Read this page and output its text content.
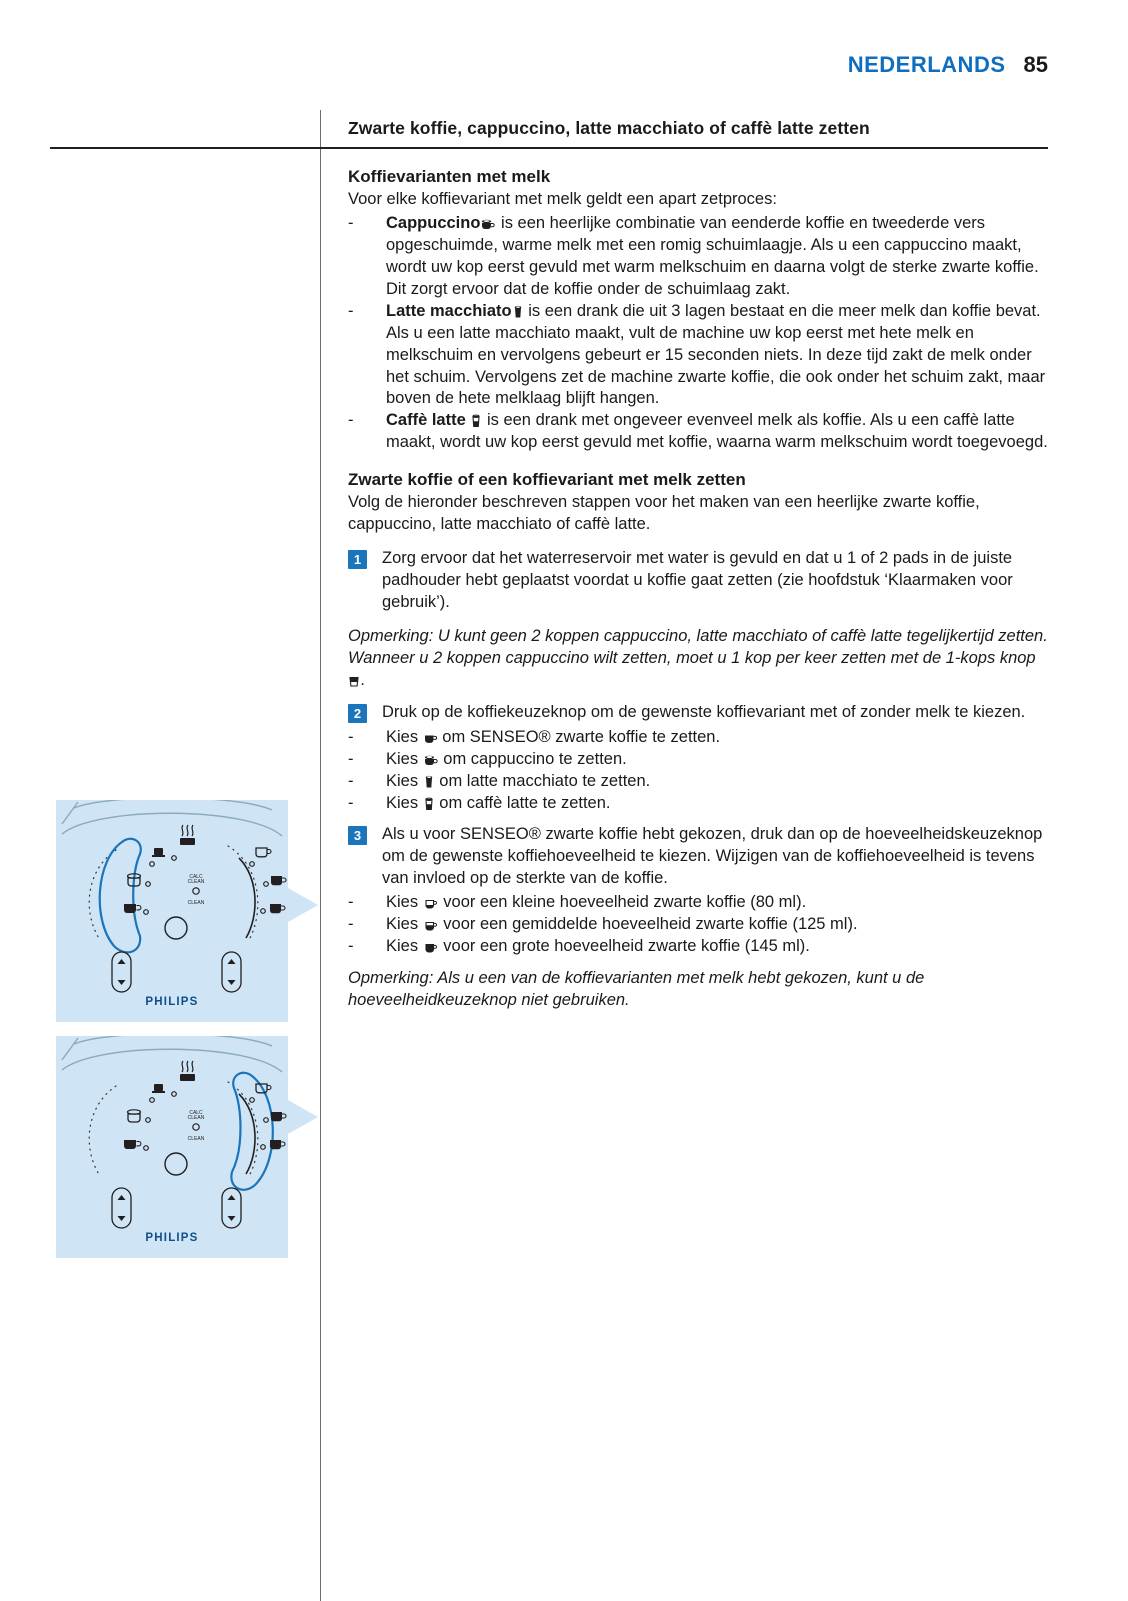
NEDERLANDS 85
Zwarte koffie, cappuccino, latte macchiato of caffè latte zetten
Koffievarianten met melk

Voor elke koffievariant met melk geldt een apart zetproces:

-	Cappuccino is een heerlijke combinatie van eenderde koffie en tweederde vers opgeschuimde, warme melk met een romig schuimlaagje. Als u een cappuccino maakt, wordt uw kop eerst gevuld met warm melkschuim en daarna volgt de sterke zwarte koffie. Dit zorgt ervoor dat de koffie onder de schuimlaag zakt.
-	Latte macchiato is een drank die uit 3 lagen bestaat en die meer melk dan koffie bevat. Als u een latte macchiato maakt, vult de machine uw kop eerst met hete melk en melkschuim en vervolgens gebeurt er 15 seconden niets. In deze tijd zakt de melk onder het schuim. Vervolgens zet de machine zwarte koffie, die ook onder het schuim zakt, maar boven de hete melklaag blijft hangen.
-	Caffè latte  is een drank met ongeveer evenveel melk als koffie. Als u een caffè latte maakt, wordt uw kop eerst gevuld met koffie, waarna warm melkschuim wordt toegevoegd.
Zwarte koffie of een koffievariant met melk zetten

Volg de hieronder beschreven stappen voor het maken van een heerlijke zwarte koffie, cappuccino, latte macchiato of caffè latte.

1	Zorg ervoor dat het waterreservoir met water is gevuld en dat u 1 of 2 pads in de juiste padhouder hebt geplaatst voordat u koffie gaat zetten (zie hoofdstuk ‘Klaarmaken voor gebruik’).

Opmerking: U kunt geen 2 koppen cappuccino, latte macchiato of caffè latte tegelijkertijd zetten. Wanneer u 2 koppen cappuccino wilt zetten, moet u 1 kop per keer zetten met de 1-kops knop .

2	Druk op de koffiekeuzeknop om de gewenste koffievariant met of zonder melk te kiezen.
-	Kies  om SENSEO® zwarte koffie te zetten.
-	Kies  om cappuccino te zetten.
-	Kies  om latte macchiato te zetten.
-	Kies  om caffè latte te zetten.
3	Als u voor SENSEO® zwarte koffie hebt gekozen, druk dan op de hoeveelheidskeuzeknop om de gewenste koffiehoeveelheid te kiezen. Wijzigen van de koffiehoeveelheid is tevens van invloed op de sterkte van de koffie.
-	Kies  voor een kleine hoeveelheid zwarte koffie (80 ml).
-	Kies  voor een gemiddelde hoeveelheid zwarte koffie (125 ml).
-	Kies  voor een grote hoeveelheid zwarte koffie (145 ml).

Opmerking: Als u een van de koffievarianten met melk hebt gekozen, kunt u de hoeveelheidkeuzeknop niet gebruiken.

CALC
CLEAN
CLEAN
PHILIPS
CALC
CLEAN
CLEAN
PHILIPS
